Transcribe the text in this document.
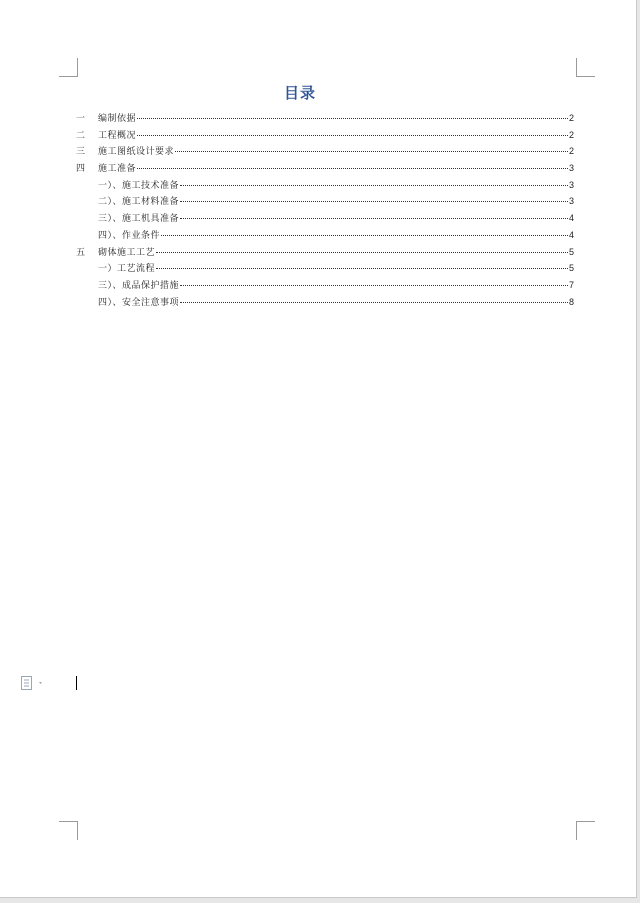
目录
一	编制依据	2
二	工程概况	2
三	施工图纸设计要求	2
四	施工准备	3
一）、施工技术准备	3
二）、施工材料准备	3
三）、施工机具准备	4
四）、作业条件	4
五	砌体施工工艺	5
一）工艺流程	5
三）、成品保护措施	7
四）、安全注意事项	8
